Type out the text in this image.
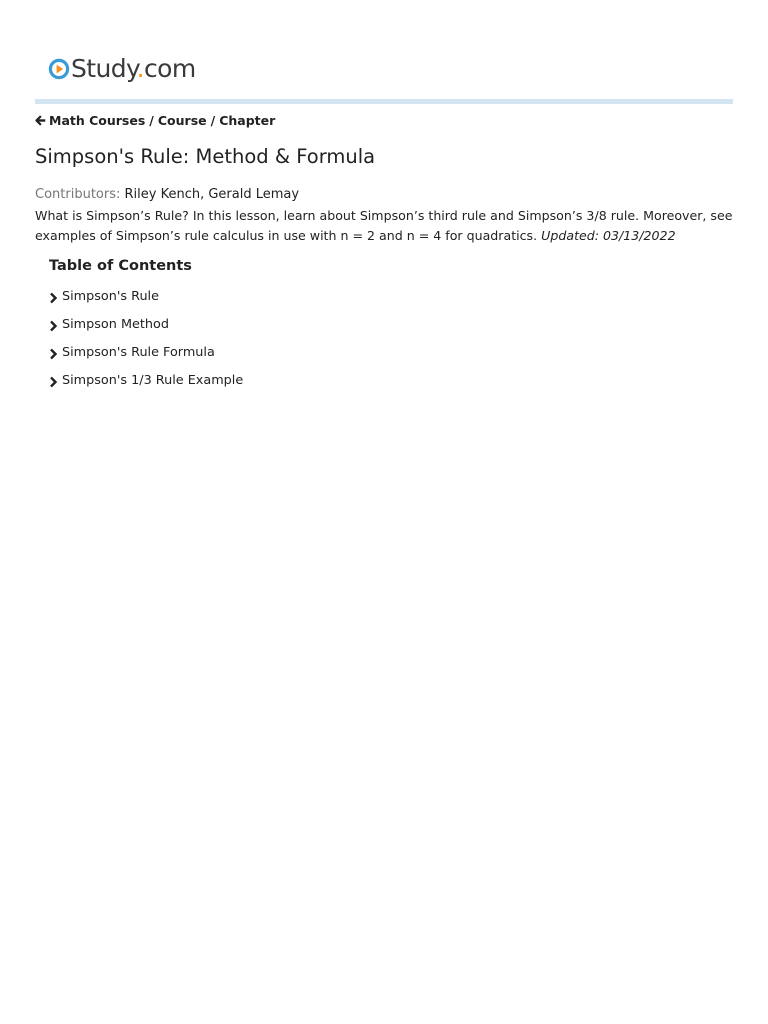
Study.com
Math Courses / Course / Chapter
Simpson's Rule: Method & Formula
Contributors: Riley Kench, Gerald Lemay

What is Simpson’s Rule? In this lesson, learn about Simpson’s third rule and Simpson’s 3/8 rule. Moreover, see examples of Simpson’s rule calculus in use with n = 2 and n = 4 for quadratics. Updated: 03/13/2022

Table of Contents
Simpson's Rule
Simpson Method
Simpson's Rule Formula
Simpson's 1/3 Rule Example
